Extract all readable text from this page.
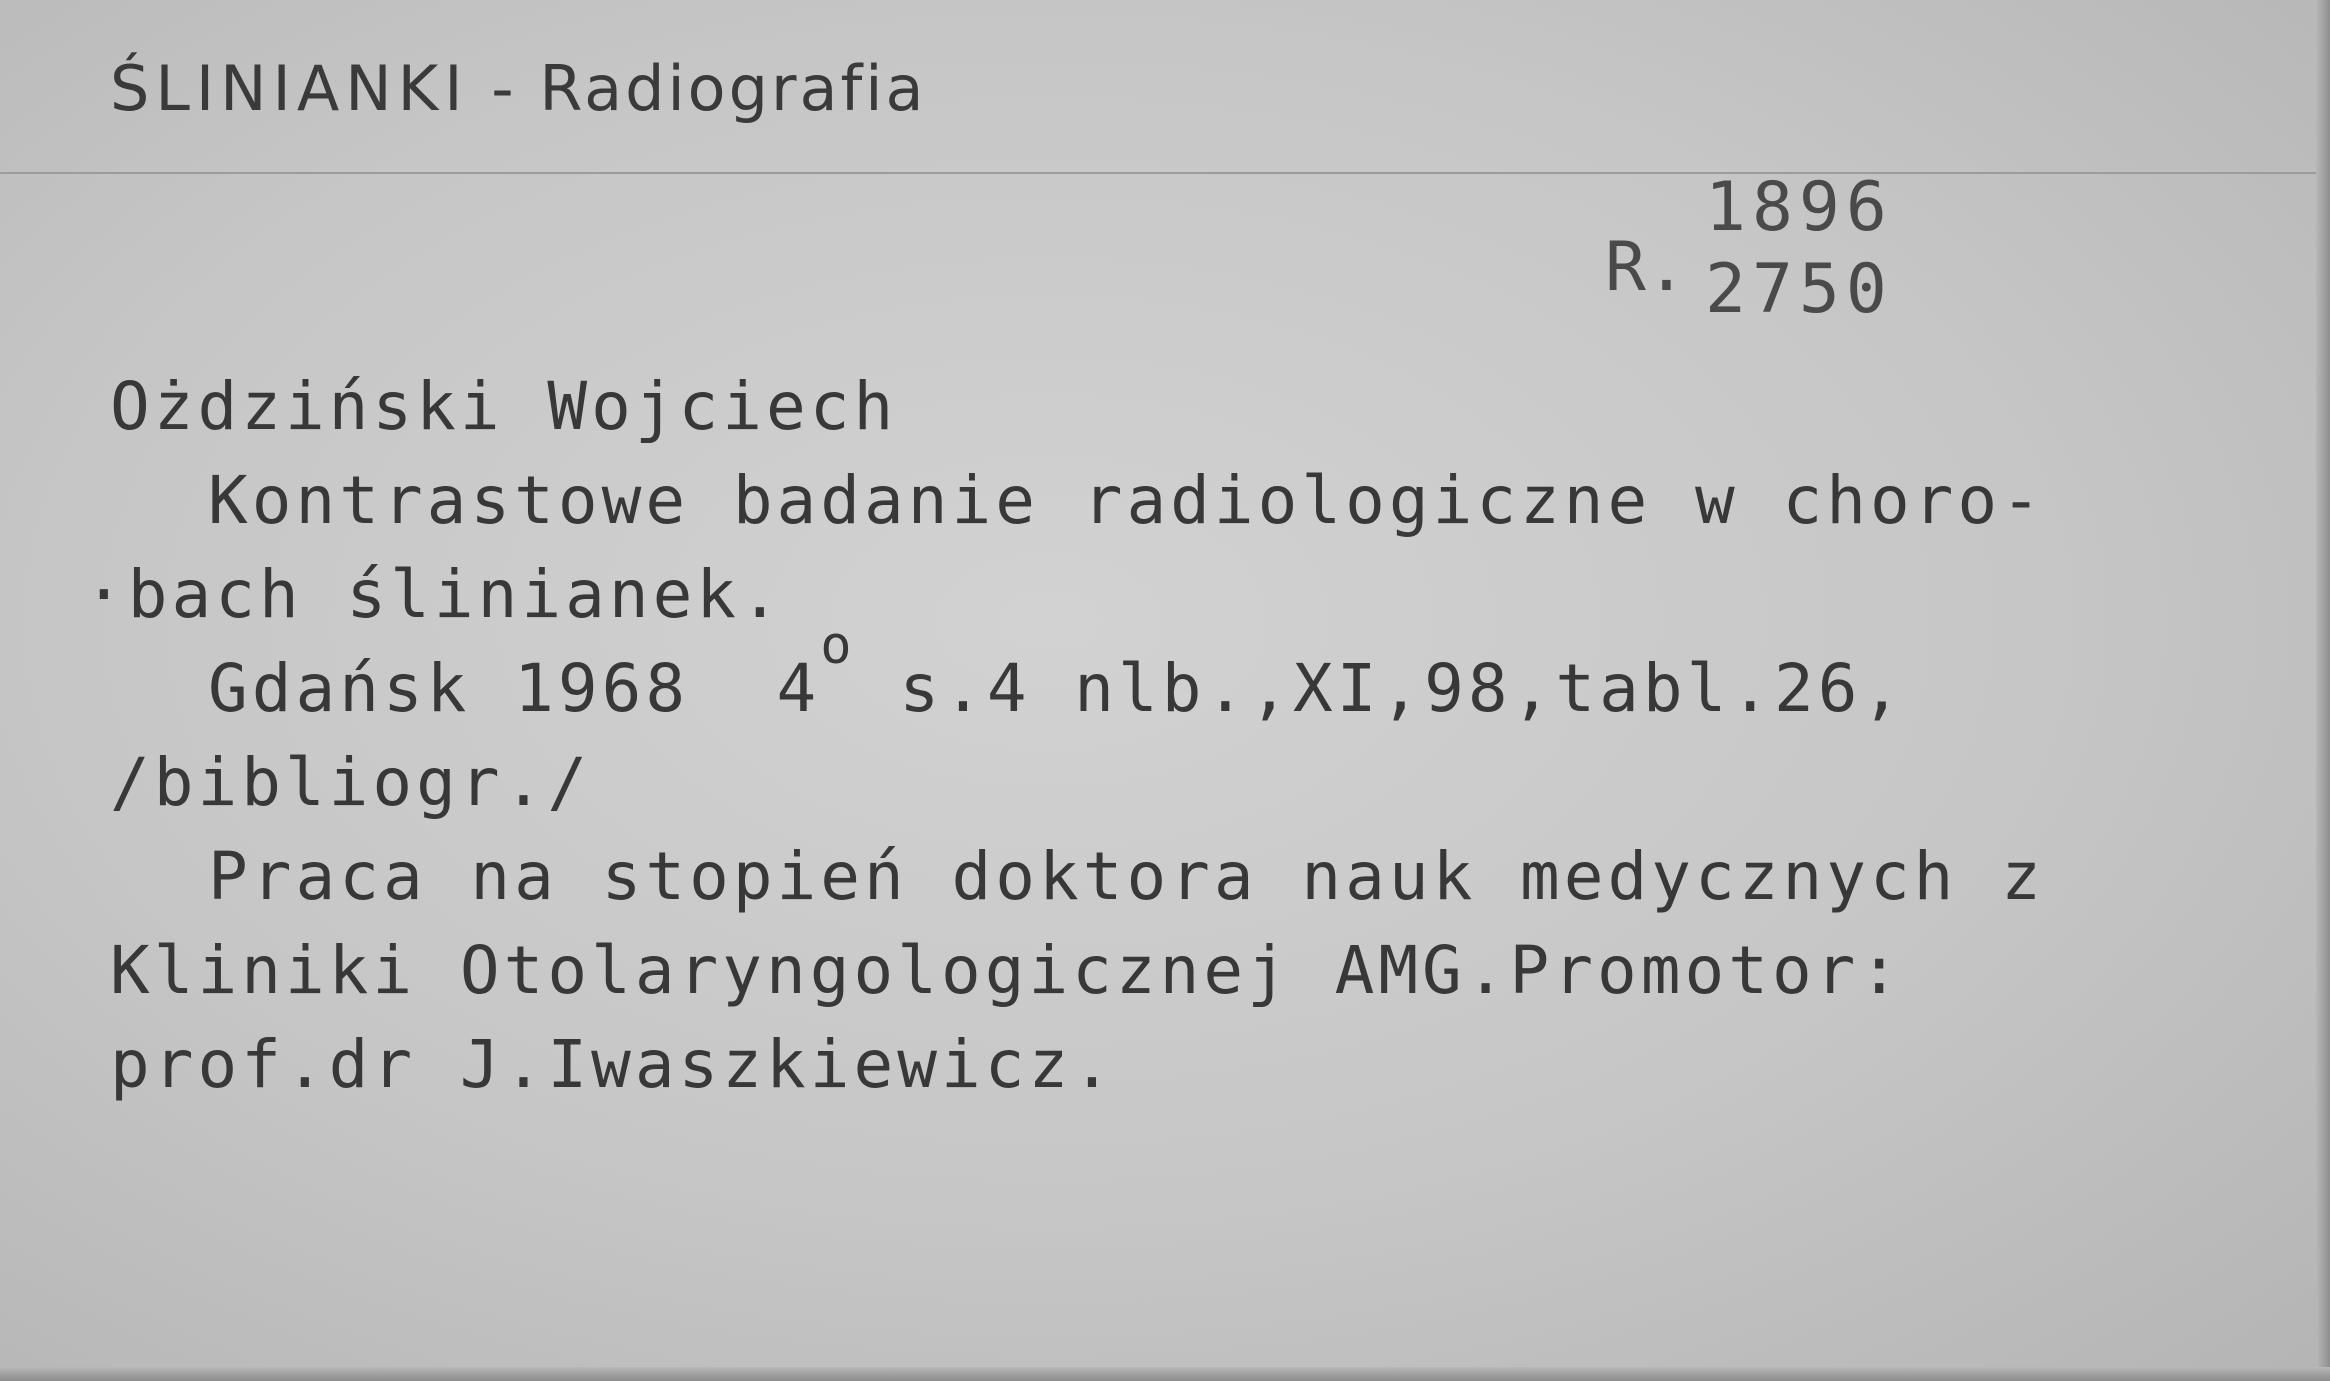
ŚLINIANKI - Radiografia
R.
1896
2750
Ożdziński Wojciech
Kontrastowe badanie radiologiczne w choro-
·bach ślinianek.
Gdańsk 1968  4$^o$ s.4 nlb.,XI,98,tabl.26,
/bibliogr./
Praca na stopień doktora nauk medycznych z
Kliniki Otolaryngologicznej AMG.Promotor:
prof.dr J.Iwaszkiewicz.
